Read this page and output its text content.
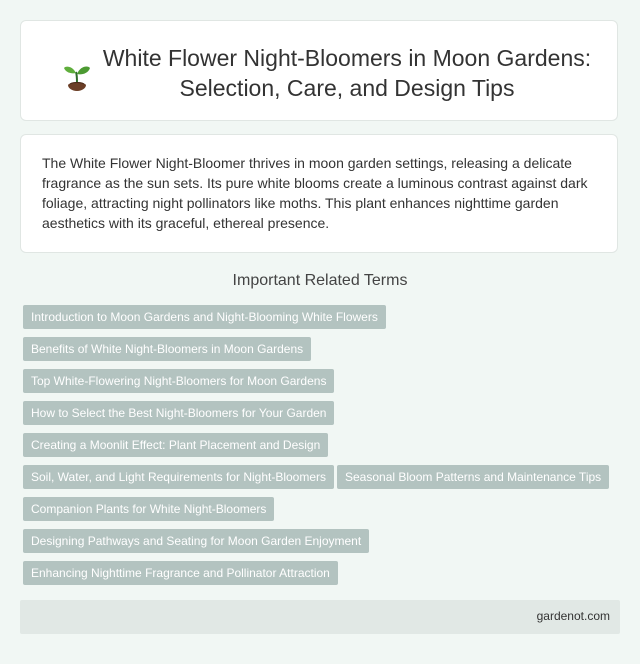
White Flower Night-Bloomers in Moon Gardens: Selection, Care, and Design Tips

The White Flower Night-Bloomer thrives in moon garden settings, releasing a delicate fragrance as the sun sets. Its pure white blooms create a luminous contrast against dark foliage, attracting night pollinators like moths. This plant enhances nighttime garden aesthetics with its graceful, ethereal presence.

Important Related Terms
Introduction to Moon Gardens and Night-Blooming White Flowers
Benefits of White Night-Bloomers in Moon Gardens
Top White-Flowering Night-Bloomers for Moon Gardens
How to Select the Best Night-Bloomers for Your Garden
Creating a Moonlit Effect: Plant Placement and Design
Soil, Water, and Light Requirements for Night-Bloomers	Seasonal Bloom Patterns and Maintenance Tips
Companion Plants for White Night-Bloomers
Designing Pathways and Seating for Moon Garden Enjoyment
Enhancing Nighttime Fragrance and Pollinator Attraction
gardenot.com
